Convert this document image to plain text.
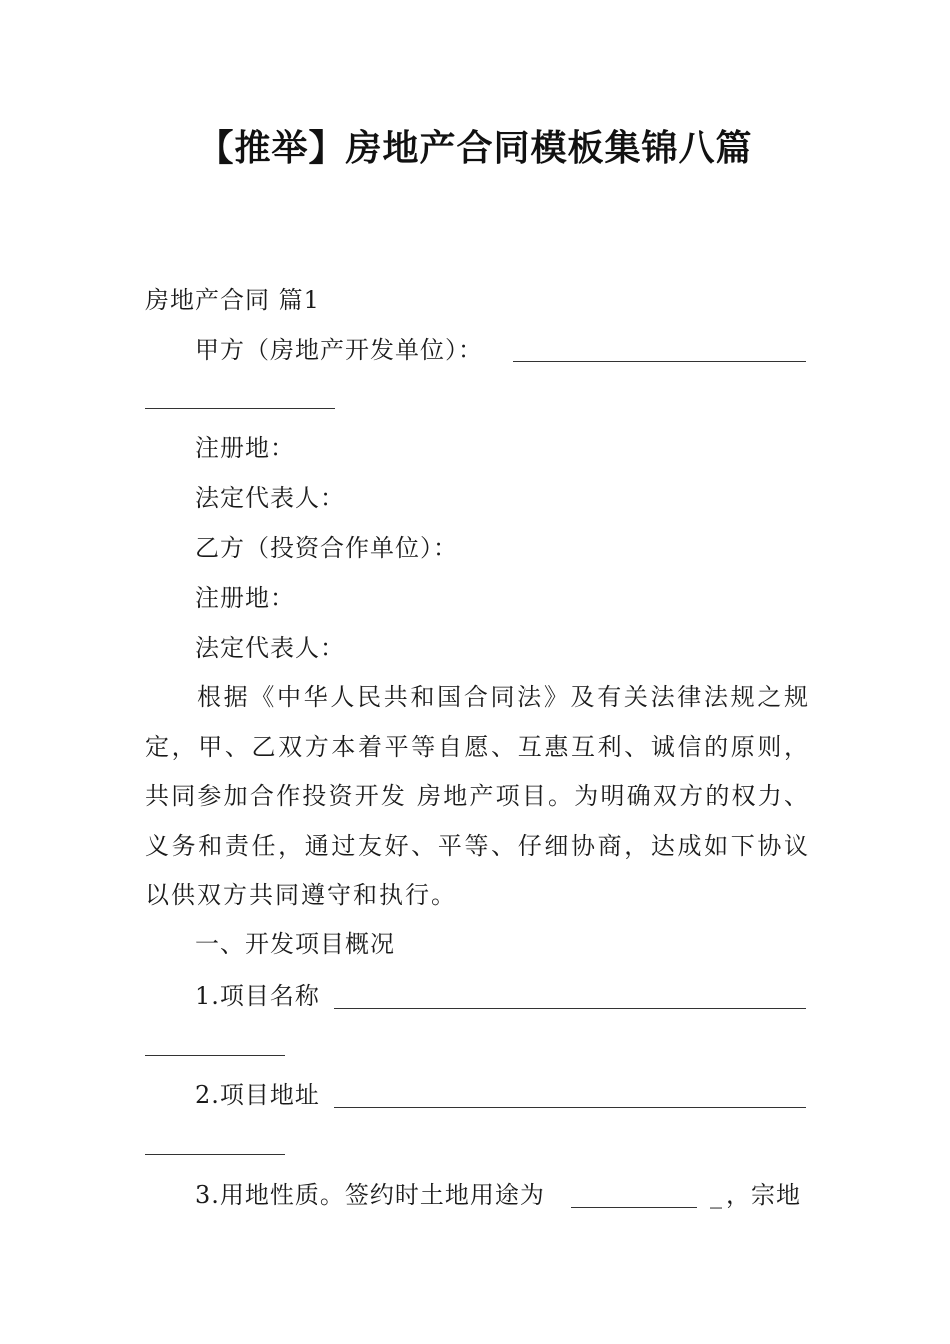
【推举】房地产合同模板集锦八篇
房地产合同 篇1
甲方（房地产开发单位）：
注册地：
法定代表人：
乙方（投资合作单位）：
注册地：
法定代表人：
根据《中华人民共和国合同法》及有关法律法规之规定，甲、乙双方本着平等自愿、互惠互利、诚信的原则，共同参加合作投资开发 房地产项目。为明确双方的权力、义务和责任，通过友好、平等、仔细协商，达成如下协议以供双方共同遵守和执行。
一、开发项目概况
1.项目名称
2.项目地址
3.用地性质。签约时土地用途为	_ ，宗地
